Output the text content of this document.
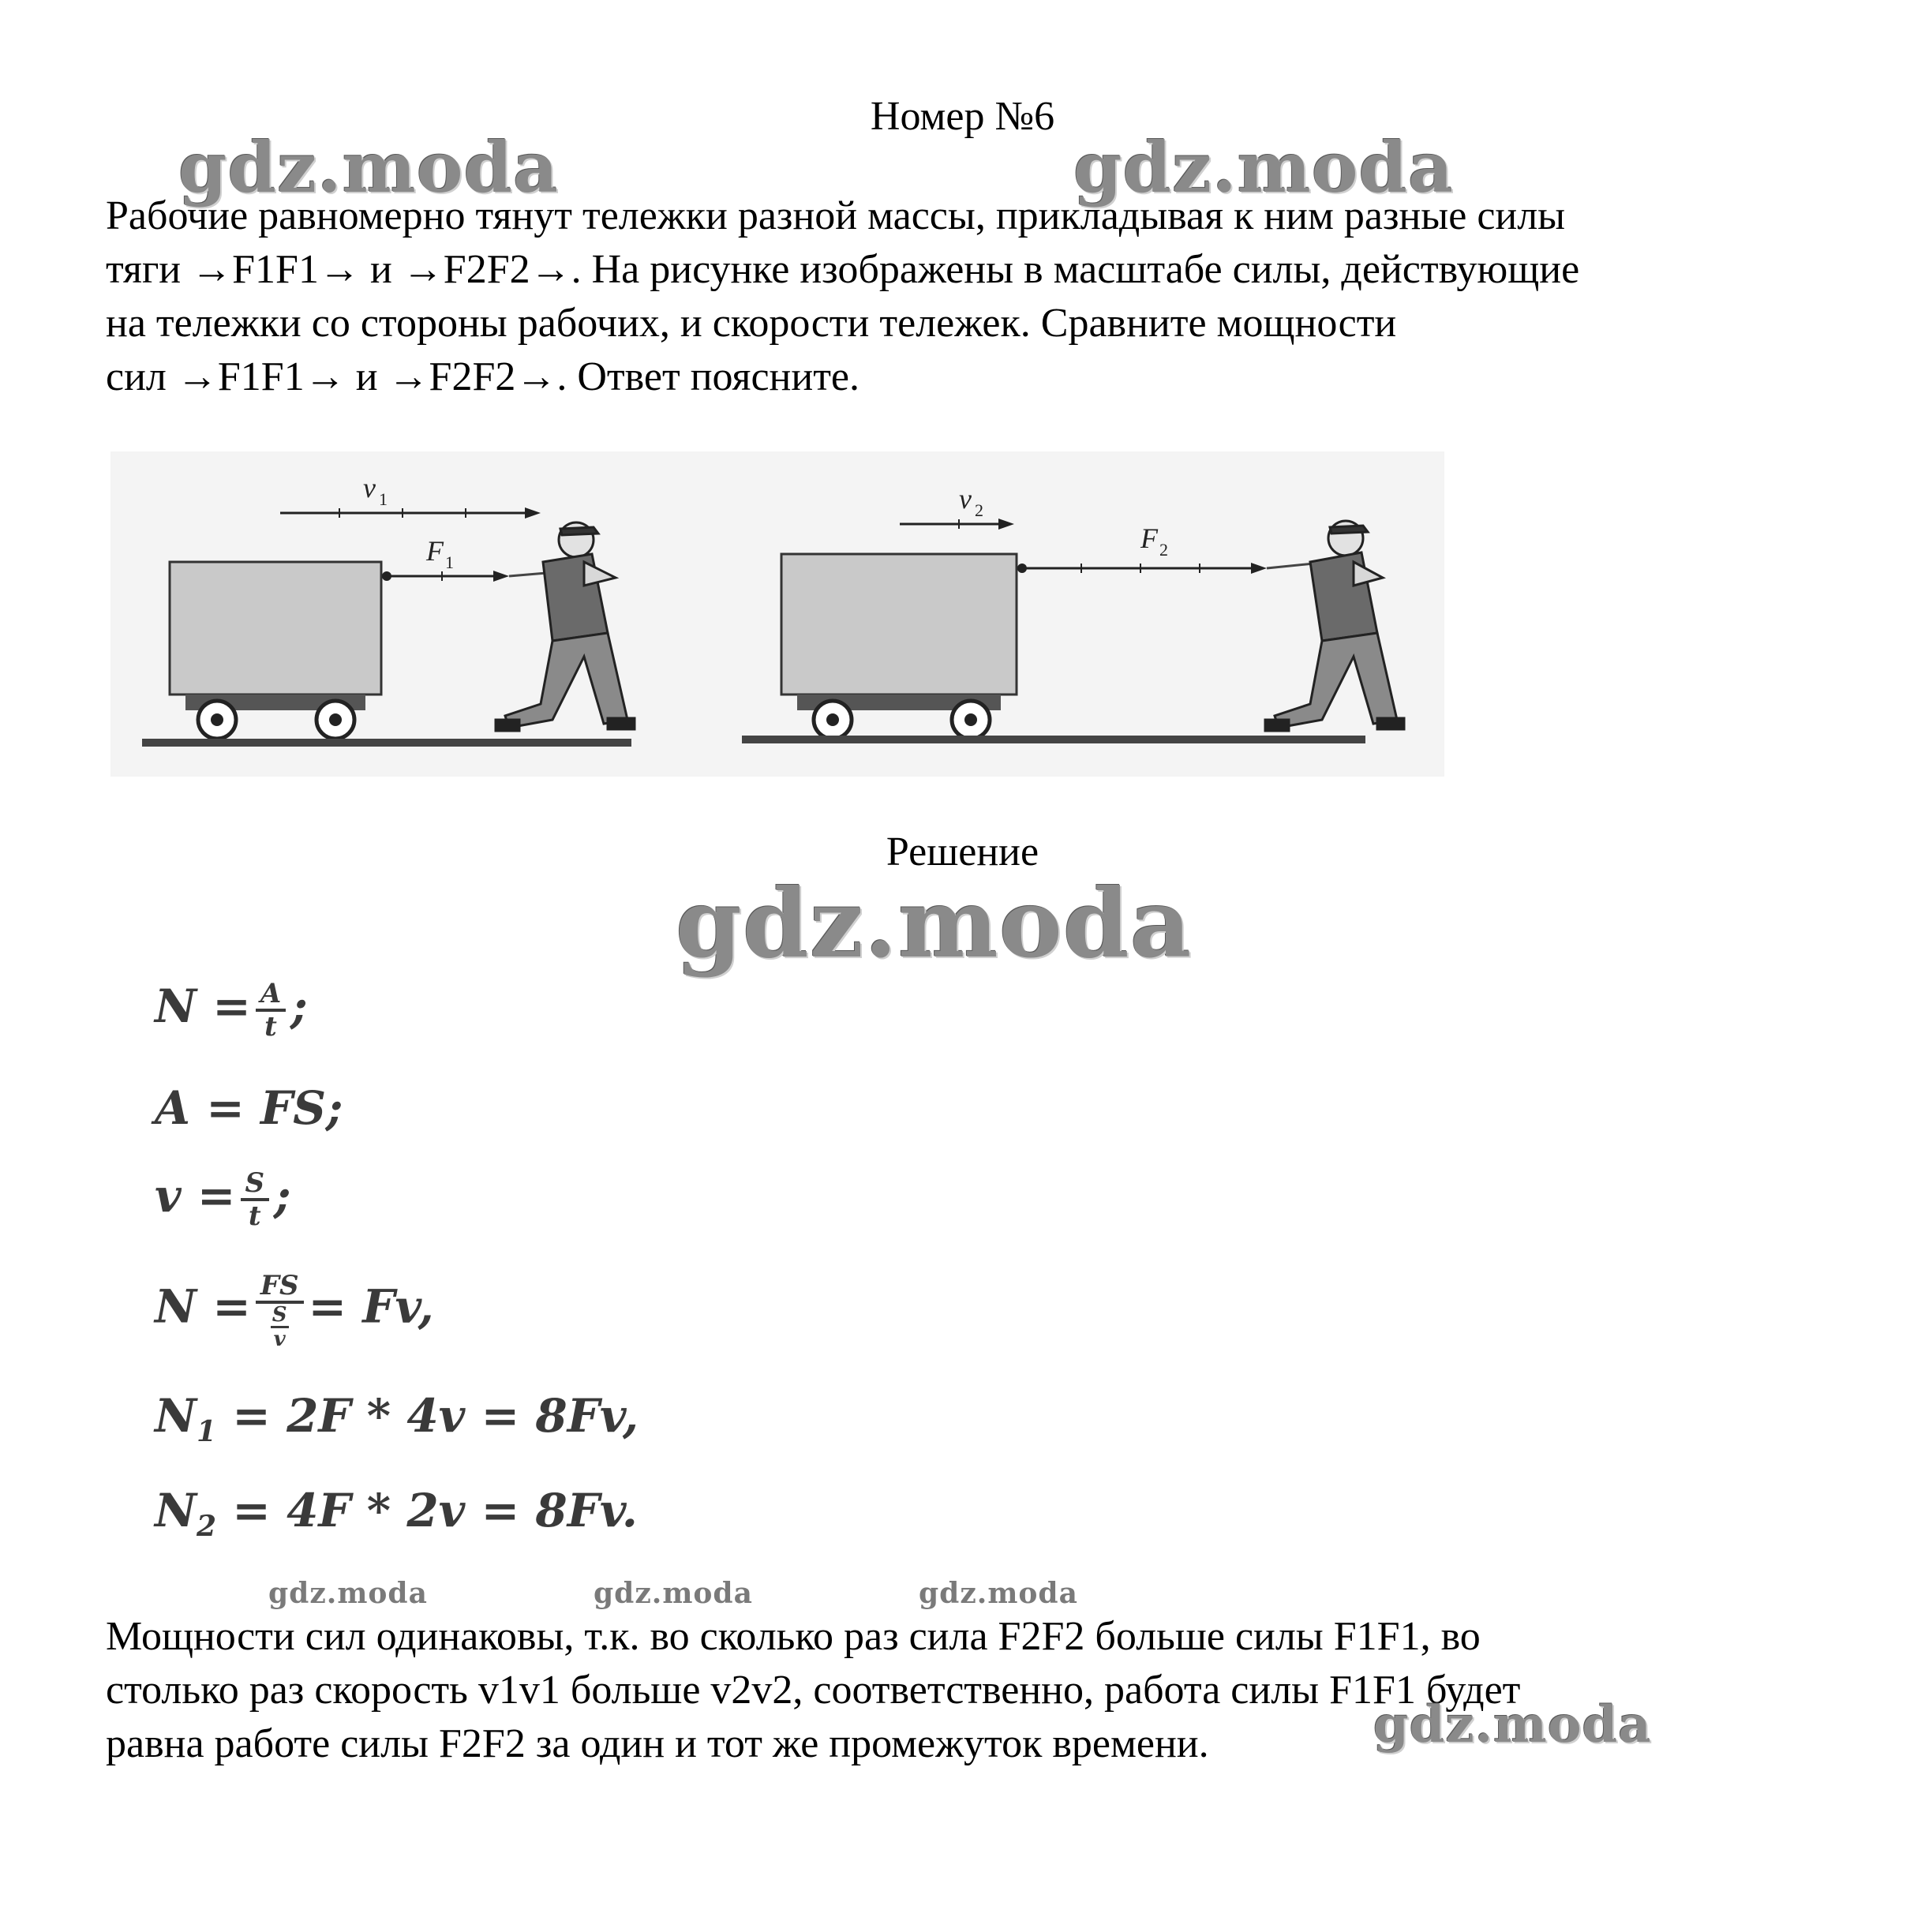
Номер №6

Рабочие равномерно тянут тележки разной массы, прикладывая к ним разные силы

тяги →F1F1→ и →F2F2→. На рисунке изображены в масштабе силы, действующие

на тележки со стороны рабочих, и скорости тележек. Сравните мощности

сил →F1F1→ и →F2F2→. Ответ поясните.

v 1
F 1
v 2
F 2
Решение
$N = \frac{A}{t}$ ;
A = FS;
$v = \frac{S}{t}$ ;
$N = \frac{FS}{\frac{S}{v}} = Fv$,
$N_1 = 2F * 4v = 8Fv$,
$N_2 = 4F * 2v = 8Fv$.

Мощности сил одинаковы, т.к. во сколько раз сила F2F2 больше силы F1F1, во

столько раз скорость v1v1 больше v2v2, соответственно, работа силы F1F1 будет

равна работе силы F2F2 за один и тот же промежуток времени.

gdz.moda	gdz.moda
gdz.moda
gdz.moda	gdz.moda	gdz.moda
gdz.moda
